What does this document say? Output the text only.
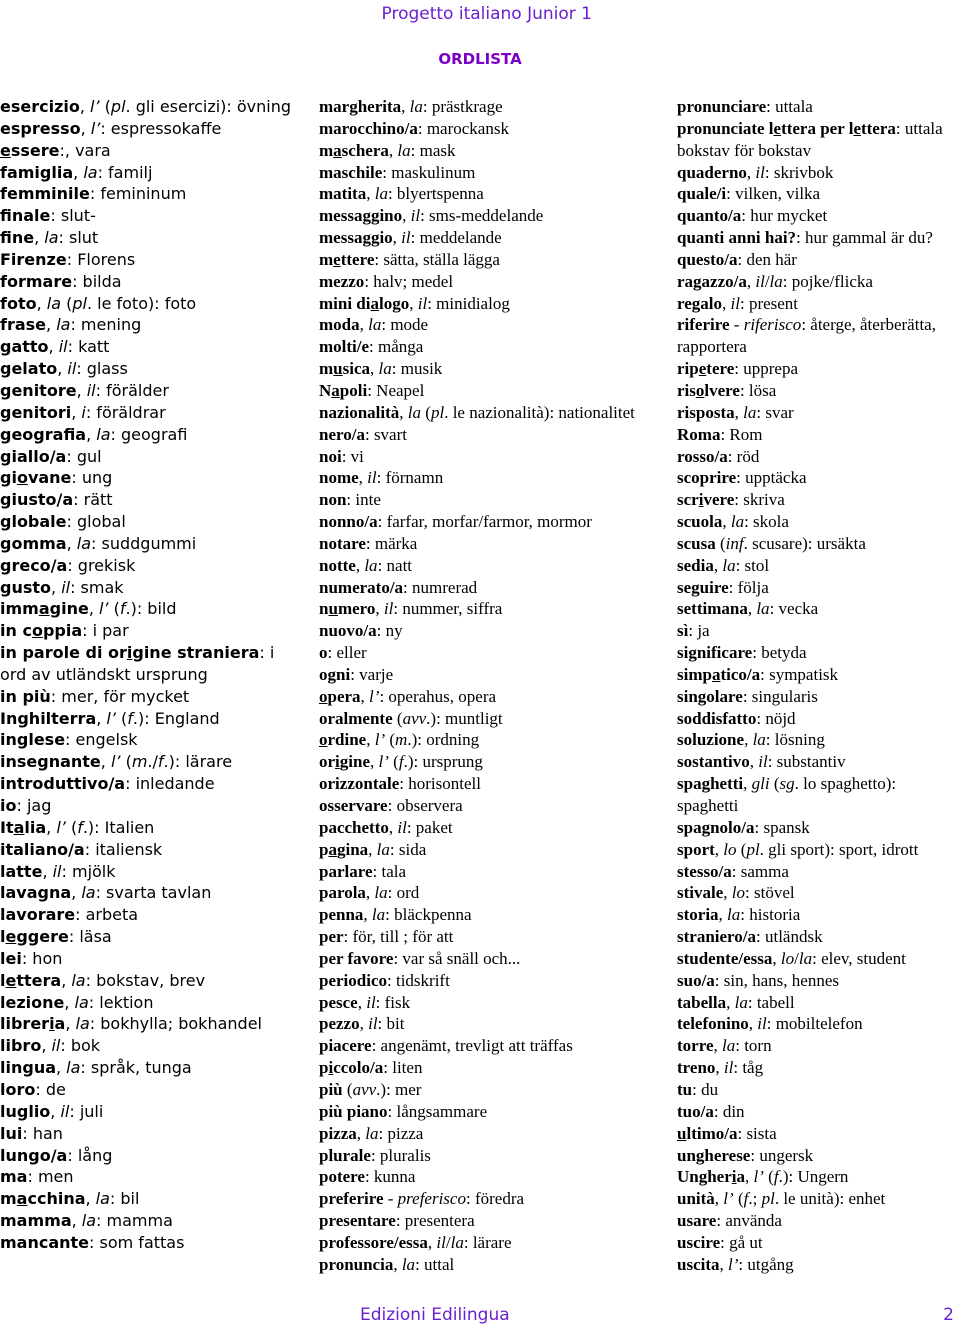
Progetto italiano Junior 1
ORDLISTA

esercizio, l’ (pl. gli esercizi): övning

espresso, l’: espressokaffe

essere:, vara

famiglia, la: familj

femminile: femininum

finale: slut-

fine, la: slut

Firenze: Florens

formare: bilda

foto, la (pl. le foto): foto

frase, la: mening

gatto, il: katt

gelato, il: glass

genitore, il: förälder

genitori, i: föräldrar

geografa, la: geografi

giallo/a: gul

giovane: ung

giusto/a: rätt

globale: global

gomma, la: suddgummi

greco/a: grekisk

gusto, il: smak

immagine, l’ (f.): bild

in coppia: i par

in parole di origine straniera: i ord av utländskt ursprung

in più: mer, för mycket

Inghilterra, l’ (f.): England

inglese: engelsk

insegnante, l’ (m./f.): lärare

introduttivo/a: inledande

io: jag

Italia, l’ (f.): Italien

italiano/a: italiensk

latte, il: mjölk

lavagna, la: svarta tavlan

lavorare: arbeta

leggere: läsa

lei: hon

lettera, la: bokstav, brev

lezione, la: lektion

libreria, la: bokhylla; bokhandel

libro, il: bok

lingua, la: språk, tunga

loro: de

luglio, il: juli

lui: han

lungo/a: lång

ma: men

macchina, la: bil

mamma, la: mamma

mancante: som fattas

margherita, la: prästkrage

marocchino/a: marockansk

maschera, la: mask

maschile: maskulinum

matita, la: blyertspenna

messaggino, il: sms-meddelande

messaggio, il: meddelande

mettere: sätta, ställa lägga

mezzo: halv; medel

mini dialogo, il: minidialog

moda, la: mode

molti/e: många

musica, la: musik

Napoli: Neapel

nazionalità, la (pl. le nazionalità): nationalitet

nero/a: svart

noi: vi

nome, il: förnamn

non: inte

nonno/a: farfar, morfar/farmor, mormor

notare: märka

notte, la: natt

numerato/a: numrerad

numero, il: nummer, siffra

nuovo/a: ny

o: eller

ogni: varje

opera, l’: operahus, opera

oralmente (avv.): muntligt

ordine, l’ (m.): ordning

origine, l’ (f.): ursprung

orizzontale: horisontell

osservare: observera

pacchetto, il: paket

pagina, la: sida

parlare: tala

parola, la: ord

penna, la: bläckpenna

per: för, till ; för att

per favore: var så snäll och...

periodico: tidskrift

pesce, il: fisk

pezzo, il: bit

piacere: angenämt, trevligt att träffas

piccolo/a: liten

più (avv.): mer

più piano: långsammare

pizza, la: pizza

plurale: pluralis

potere: kunna

preferire - preferisco: föredra

presentare: presentera

professore/essa, il/la: lärare

pronuncia, la: uttal

pronunciare: uttala

pronunciate lettera per lettera: uttala bokstav för bokstav

quaderno, il: skrivbok

quale/i: vilken, vilka

quanto/a: hur mycket

quanti anni hai?: hur gammal är du?

questo/a: den här

ragazzo/a, il/la: pojke/flicka

regalo, il: present

riferire - riferisco: återge, återberätta, rapportera

ripetere: upprepa

risolvere: lösa

risposta, la: svar

Roma: Rom

rosso/a: röd

scoprire: upptäcka

scrivere: skriva

scuola, la: skola

scusa (inf. scusare): ursäkta

sedia, la: stol

seguire: följa

settimana, la: vecka

sì: ja

significare: betyda

simpatico/a: sympatisk

singolare: singularis

soddisfatto: nöjd

soluzione, la: lösning

sostantivo, il: substantiv

spaghetti, gli (sg. lo spaghetto): spaghetti

spagnolo/a: spansk

sport, lo (pl. gli sport): sport, idrott

stesso/a: samma

stivale, lo: stövel

storia, la: historia

straniero/a: utländsk

studente/essa, lo/la: elev, student

suo/a: sin, hans, hennes

tabella, la: tabell

telefonino, il: mobiltelefon

torre, la: torn

treno, il: tåg

tu: du

tuo/a: din

ultimo/a: sista

ungherese: ungersk

Ungheria, l’ (f.): Ungern

unità, l’ (f.; pl. le unità): enhet

usare: använda

uscire: gå ut

uscita, l’: utgång

Edizioni Edilingua	2
